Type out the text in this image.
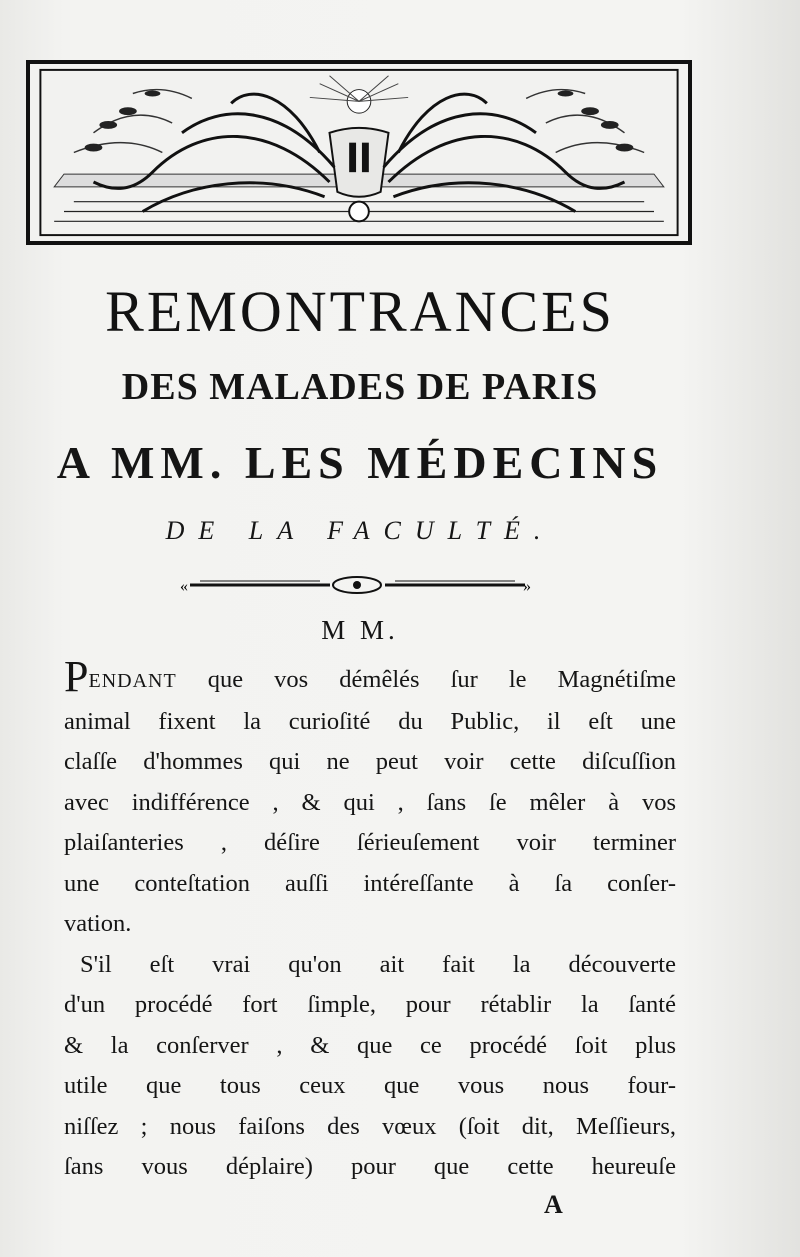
REMONTRANCES
DES MALADES DE PARIS
A MM. LES MÉDECINS
DE LA FACULTÉ.
«	»
M M.

PENDANT que vos démêlés ſur le Magnétiſme
animal fixent la curioſité du Public, il eſt une
claſſe d'hommes qui ne peut voir cette diſcuſſion
avec indifférence , & qui , ſans ſe mêler à vos
plaiſanteries , déſire ſérieuſement voir terminer
une conteſtation auſſi intéreſſante à ſa conſer-
vation.

S'il eſt vrai qu'on ait fait la découverte
d'un procédé fort ſimple, pour rétablir la ſanté
& la conſerver , & que ce procédé ſoit plus
utile que tous ceux que vous nous four-
niſſez ; nous faiſons des vœux (ſoit dit, Meſſieurs,
ſans vous déplaire) pour que cette heureuſe

A
